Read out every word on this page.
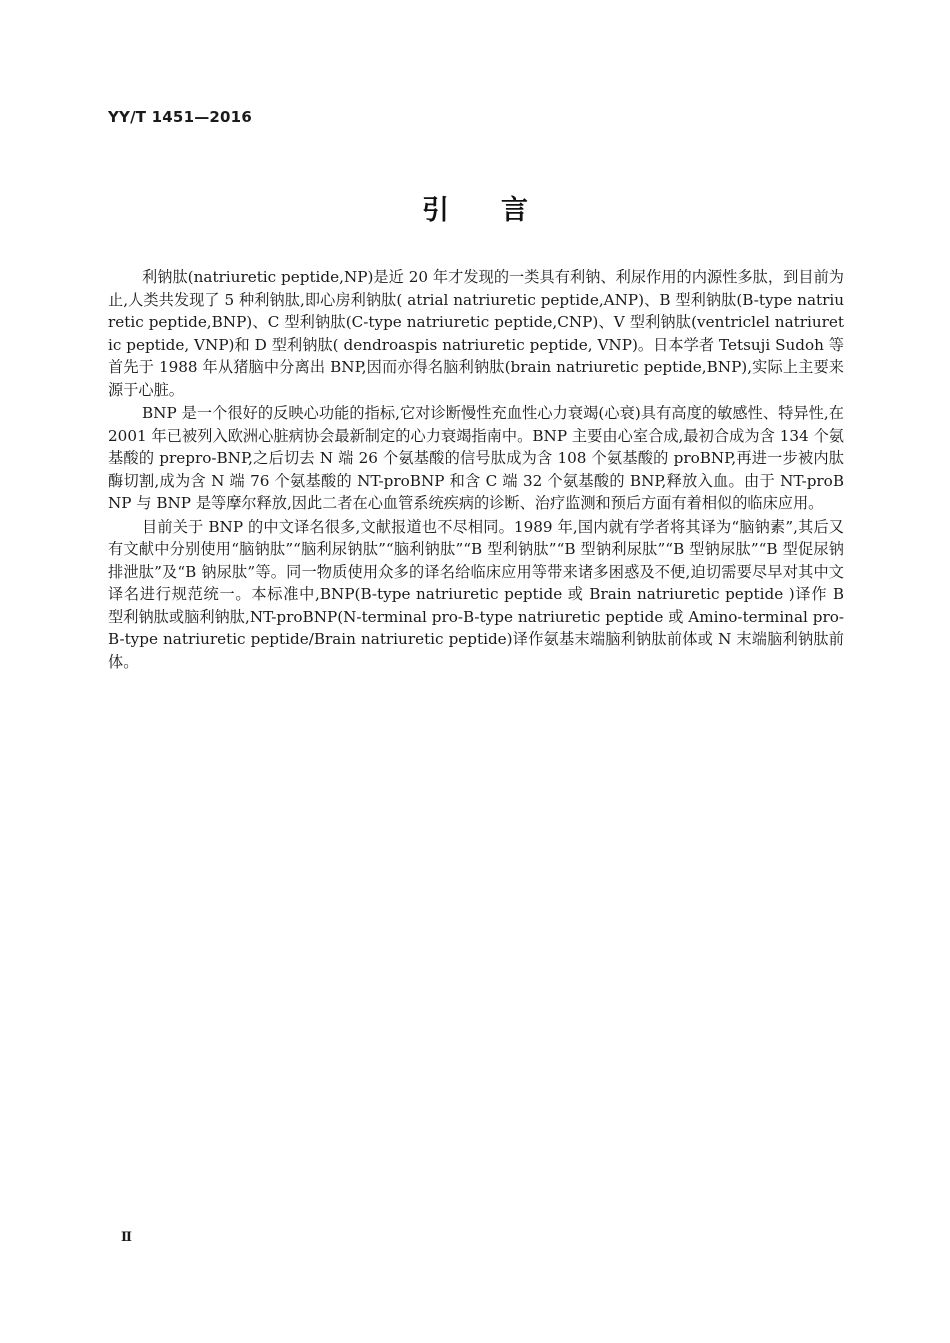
YY/T 1451—2016
引言

利钠肽(natriuretic peptide,NP)是近 20 年才发现的一类具有利钠、利尿作用的内源性多肽，到目前为止,人类共发现了 5 种利钠肽,即心房利钠肽( atrial natriuretic peptide,ANP)、B 型利钠肽(B-type natriuretic peptide,BNP)、C 型利钠肽(C-type natriuretic peptide,CNP)、V 型利钠肽(ventriclel natriuretic peptide, VNP)和 D 型利钠肽( dendroaspis natriuretic peptide, VNP)。日本学者 Tetsuji Sudoh 等首先于 1988 年从猪脑中分离出 BNP,因而亦得名脑利钠肽(brain natriuretic peptide,BNP),实际上主要来源于心脏。

BNP 是一个很好的反映心功能的指标,它对诊断慢性充血性心力衰竭(心衰)具有高度的敏感性、特异性,在 2001 年已被列入欧洲心脏病协会最新制定的心力衰竭指南中。BNP 主要由心室合成,最初合成为含 134 个氨基酸的 prepro-BNP,之后切去 N 端 26 个氨基酸的信号肽成为含 108 个氨基酸的 proBNP,再进一步被内肽酶切割,成为含 N 端 76 个氨基酸的 NT-proBNP 和含 C 端 32 个氨基酸的 BNP,释放入血。由于 NT-proBNP 与 BNP 是等摩尔释放,因此二者在心血管系统疾病的诊断、治疗监测和预后方面有着相似的临床应用。

目前关于 BNP 的中文译名很多,文献报道也不尽相同。1989 年,国内就有学者将其译为“脑钠素”,其后又有文献中分别使用“脑钠肽”“脑利尿钠肽”“脑利钠肽”“B 型利钠肽”“B 型钠利尿肽”“B 型钠尿肽”“B 型促尿钠排泄肽”及“B 钠尿肽”等。同一物质使用众多的译名给临床应用等带来诸多困惑及不便,迫切需要尽早对其中文译名进行规范统一。本标准中,BNP(B-type natriuretic peptide 或 Brain natriuretic peptide )译作 B 型利钠肽或脑利钠肽,NT-proBNP(N-terminal pro-B-type natriuretic peptide 或 Amino-terminal pro-B-type natriuretic peptide/Brain natriuretic peptide)译作氨基末端脑利钠肽前体或 N 末端脑利钠肽前体。

Ⅱ
